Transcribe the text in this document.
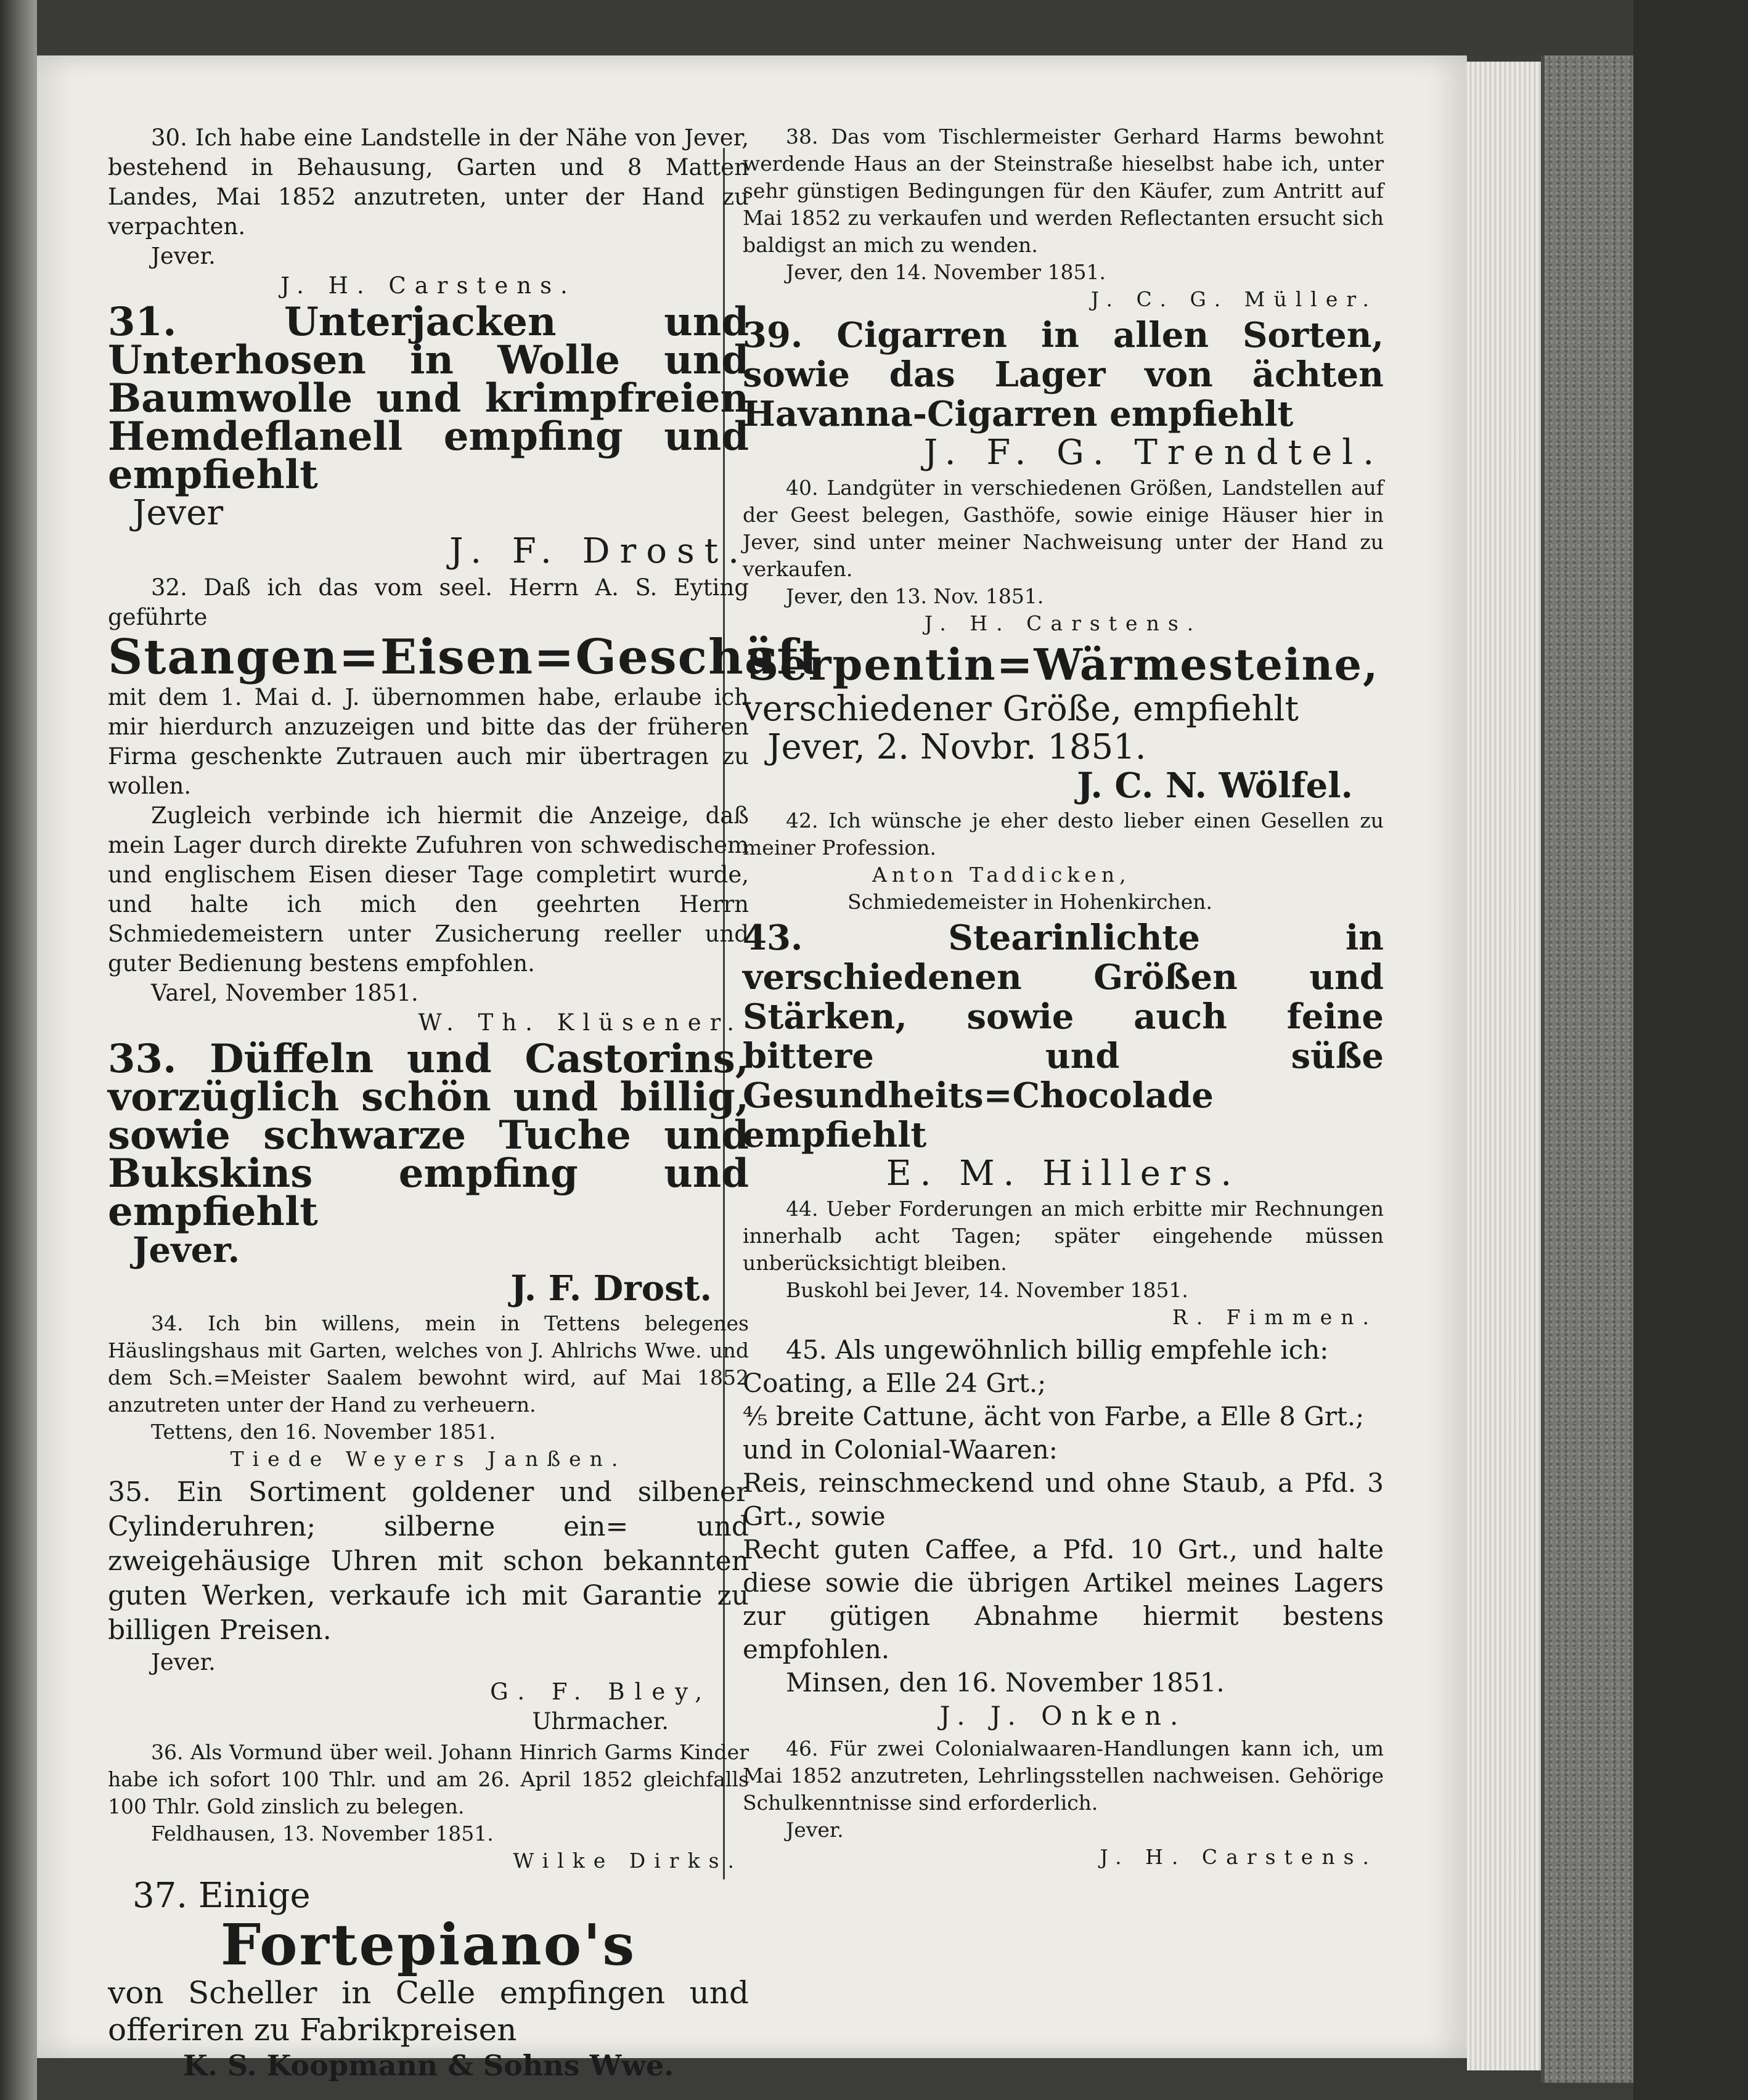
30. Ich habe eine Landstelle in der Nähe von Jever, bestehend in Behausung, Garten und 8 Matten Landes, Mai 1852 anzutreten, unter der Hand zu verpachten.

Jever.

J. H. Carstens.

31. Unterjacken und Unterhosen in Wolle und Baumwolle und krimpfreien Hemdeflanell empfing und empfiehlt

Jever

J. F. Drost.

32. Daß ich das vom seel. Herrn A. S. Eyting geführte

Stangen=Eisen=Geschäft

mit dem 1. Mai d. J. übernommen habe, erlaube ich mir hierdurch anzuzeigen und bitte das der früheren Firma geschenkte Zutrauen auch mir übertragen zu wollen.

Zugleich verbinde ich hiermit die Anzeige, daß mein Lager durch direkte Zufuhren von schwedischem und englischem Eisen dieser Tage completirt wurde, und halte ich mich den geehrten Herrn Schmiedemeistern unter Zusicherung reeller und guter Bedienung bestens empfohlen.

Varel, November 1851.

W. Th. Klüsener.

33. Düffeln und Castorins, vorzüglich schön und billig, sowie schwarze Tuche und Bukskins empfing und empfiehlt

Jever.

J. F. Drost.

34. Ich bin willens, mein in Tettens belegenes Häuslingshaus mit Garten, welches von J. Ahlrichs Wwe. und dem Sch.=Meister Saalem bewohnt wird, auf Mai 1852 anzutreten unter der Hand zu verheuern.

Tettens, den 16. November 1851.

Tiede Weyers Janßen.

35. Ein Sortiment goldener und silbener Cylinderuhren; silberne ein= und zweigehäusige Uhren mit schon bekannten guten Werken, verkaufe ich mit Garantie zu billigen Preisen.

Jever.

G. F. Bley,

Uhrmacher.

36. Als Vormund über weil. Johann Hinrich Garms Kinder habe ich sofort 100 Thlr. und am 26. April 1852 gleichfalls 100 Thlr. Gold zinslich zu belegen.

Feldhausen, 13. November 1851.

Wilke Dirks.

37. Einige

Fortepiano's

von Scheller in Celle empfingen und offeriren zu Fabrikpreisen

K. S. Koopmann & Sohns Wwe.

38. Das vom Tischlermeister Gerhard Harms bewohnt werdende Haus an der Steinstraße hieselbst habe ich, unter sehr günstigen Bedingungen für den Käufer, zum Antritt auf Mai 1852 zu verkaufen und werden Reflectanten ersucht sich baldigst an mich zu wenden.

Jever, den 14. November 1851.

J. C. G. Müller.

39. Cigarren in allen Sorten, sowie das Lager von ächten Havanna-Cigarren empfiehlt

J. F. G. Trendtel.

40. Landgüter in verschiedenen Größen, Landstellen auf der Geest belegen, Gasthöfe, sowie einige Häuser hier in Jever, sind unter meiner Nachweisung unter der Hand zu verkaufen.

Jever, den 13. Nov. 1851.

J. H. Carstens.

Serpentin=Wärmesteine,

verschiedener Größe, empfiehlt

Jever, 2. Novbr. 1851.

J. C. N. Wölfel.

42. Ich wünsche je eher desto lieber einen Gesellen zu meiner Profession.

Anton Taddicken,

Schmiedemeister in Hohenkirchen.

43. Stearinlichte in verschiedenen Größen und Stärken, sowie auch feine bittere und süße Gesundheits=Chocolade empfiehlt

E. M. Hillers.

44. Ueber Forderungen an mich erbitte mir Rechnungen innerhalb acht Tagen; später eingehende müssen unberücksichtigt bleiben.

Buskohl bei Jever, 14. November 1851.

R. Fimmen.

45. Als ungewöhnlich billig empfehle ich:

Coating, a Elle 24 Grt.;

⅘ breite Cattune, ächt von Farbe, a Elle 8 Grt.;

und in Colonial-Waaren:

Reis, reinschmeckend und ohne Staub, a Pfd. 3 Grt., sowie

Recht guten Caffee, a Pfd. 10 Grt., und halte diese sowie die übrigen Artikel meines Lagers zur gütigen Abnahme hiermit bestens empfohlen.

Minsen, den 16. November 1851.

J. J. Onken.

46. Für zwei Colonialwaaren-Handlungen kann ich, um Mai 1852 anzutreten, Lehrlingsstellen nachweisen. Gehörige Schulkenntnisse sind erforderlich.

Jever.

J. H. Carstens.
